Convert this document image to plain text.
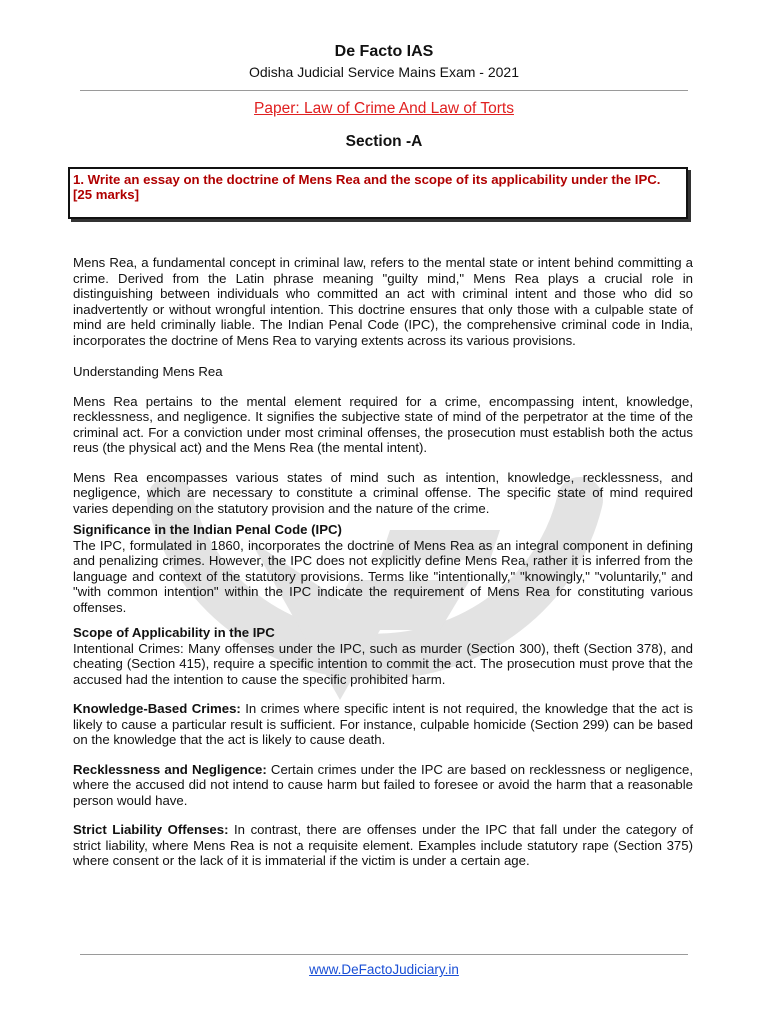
De Facto IAS
Odisha Judicial Service Mains Exam - 2021
Paper: Law of Crime And Law of Torts
Section -A

1. Write an essay on the doctrine of Mens Rea and the scope of its applicability under the IPC.

[25 marks]

Mens Rea, a fundamental concept in criminal law, refers to the mental state or intent behind committing a crime. Derived from the Latin phrase meaning "guilty mind," Mens Rea plays a crucial role in distinguishing between individuals who committed an act with criminal intent and those who did so inadvertently or without wrongful intention. This doctrine ensures that only those with a culpable state of mind are held criminally liable. The Indian Penal Code (IPC), the comprehensive criminal code in India, incorporates the doctrine of Mens Rea to varying extents across its various provisions.

Understanding Mens Rea

Mens Rea pertains to the mental element required for a crime, encompassing intent, knowledge, recklessness, and negligence. It signifies the subjective state of mind of the perpetrator at the time of the criminal act. For a conviction under most criminal offenses, the prosecution must establish both the actus reus (the physical act) and the Mens Rea (the mental intent).

Mens Rea encompasses various states of mind such as intention, knowledge, recklessness, and negligence, which are necessary to constitute a criminal offense. The specific state of mind required varies depending on the statutory provision and the nature of the crime.

Significance in the Indian Penal Code (IPC)

The IPC, formulated in 1860, incorporates the doctrine of Mens Rea as an integral component in defining and penalizing crimes. However, the IPC does not explicitly define Mens Rea, rather it is inferred from the language and context of the statutory provisions. Terms like "intentionally," "knowingly," "voluntarily," and "with common intention" within the IPC indicate the requirement of Mens Rea for constituting various offenses.

Scope of Applicability in the IPC

Intentional Crimes: Many offenses under the IPC, such as murder (Section 300), theft (Section 378), and cheating (Section 415), require a specific intention to commit the act. The prosecution must prove that the accused had the intention to cause the specific prohibited harm.

Knowledge-Based Crimes: In crimes where specific intent is not required, the knowledge that the act is likely to cause a particular result is sufficient. For instance, culpable homicide (Section 299) can be based on the knowledge that the act is likely to cause death.

Recklessness and Negligence: Certain crimes under the IPC are based on recklessness or negligence, where the accused did not intend to cause harm but failed to foresee or avoid the harm that a reasonable person would have.

Strict Liability Offenses: In contrast, there are offenses under the IPC that fall under the category of strict liability, where Mens Rea is not a requisite element. Examples include statutory rape (Section 375) where consent or the lack of it is immaterial if the victim is under a certain age.

www.DeFactoJudiciary.in
